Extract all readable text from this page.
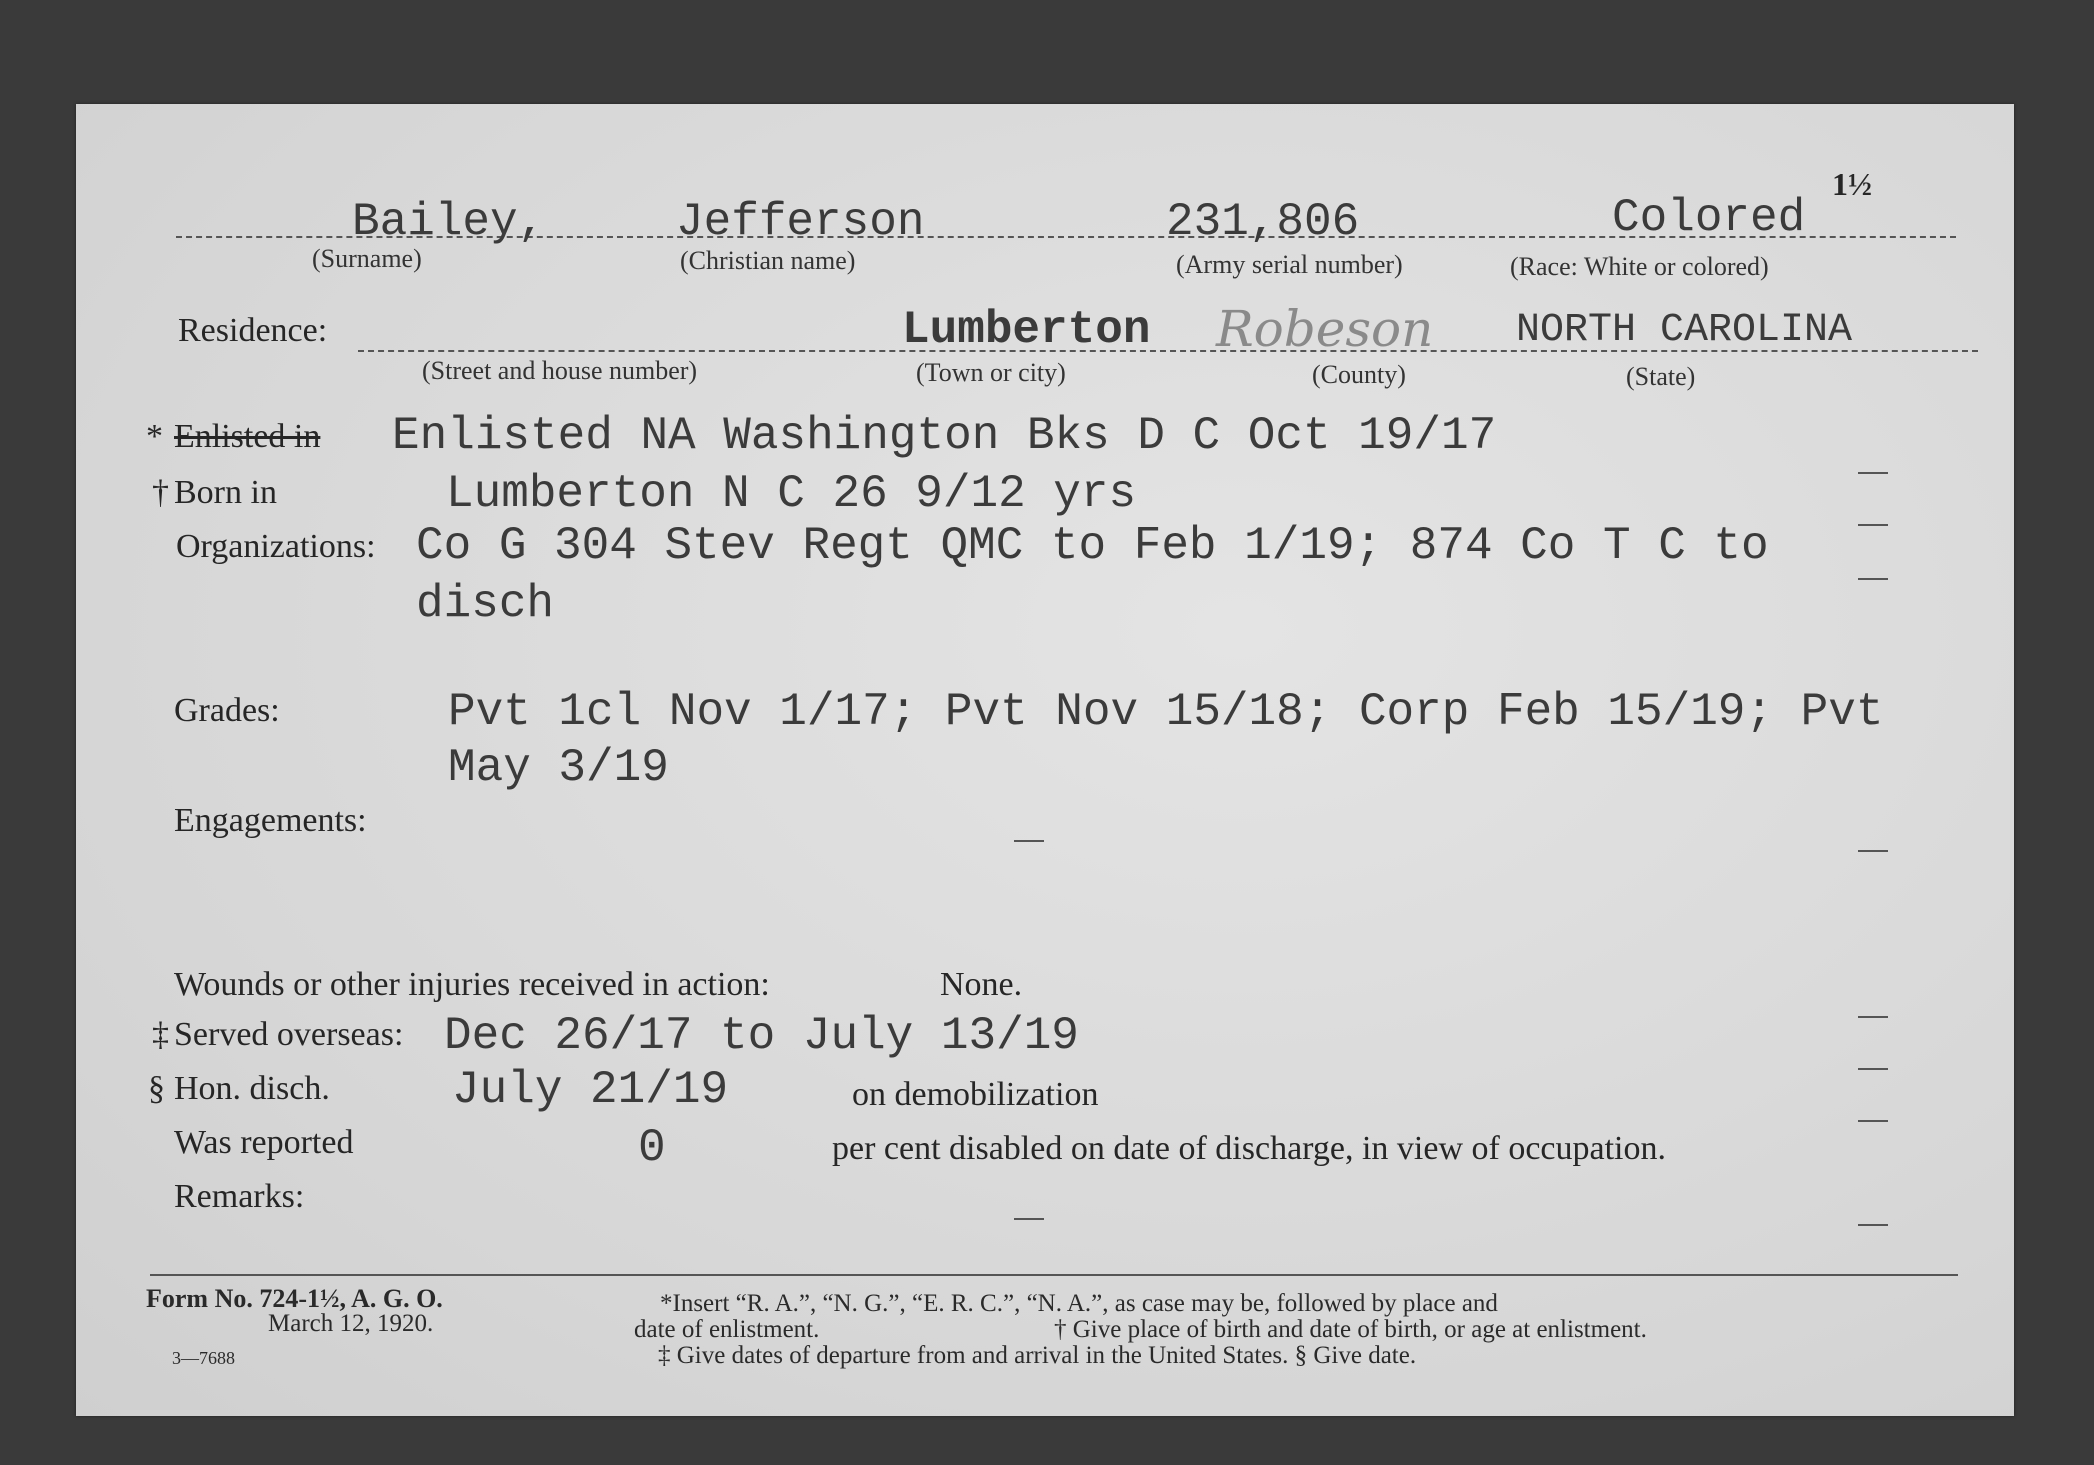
1½
Bailey,	Jefferson	231,806	Colored
(Surname)	(Christian name)	(Army serial number)	(Race: White or colored)
Residence:	Lumberton Robeson NORTH CAROLINA
(Street and house number)	(Town or city)	(County)	(State)
* Enlisted in Enlisted NA Washington Bks D C Oct 19/17
† Born in	Lumberton N C 26 9/12 yrs
Organizations: Co G 304 Stev Regt QMC to Feb 1/19; 874 Co T C to
disch
Grades:	Pvt 1cl Nov 1/17; Pvt Nov 15/18; Corp Feb 15/19; Pvt
May 3/19
Engagements:
Wounds or other injuries received in action:	None.
‡ Served overseas: Dec 26/17 to July 13/19
§ Hon. disch.	July 21/19	on demobilization
Was reported	0	per cent disabled on date of discharge, in view of occupation.
Remarks:
Form No. 724-1½, A. G. O.
March 12, 1920.
3—7688
*Insert “R. A.”, “N. G.”, “E. R. C.”, “N. A.”, as case may be, followed by place and
date of enlistment.	† Give place of birth and date of birth, or age at enlistment.
‡ Give dates of departure from and arrival in the United States. § Give date.
